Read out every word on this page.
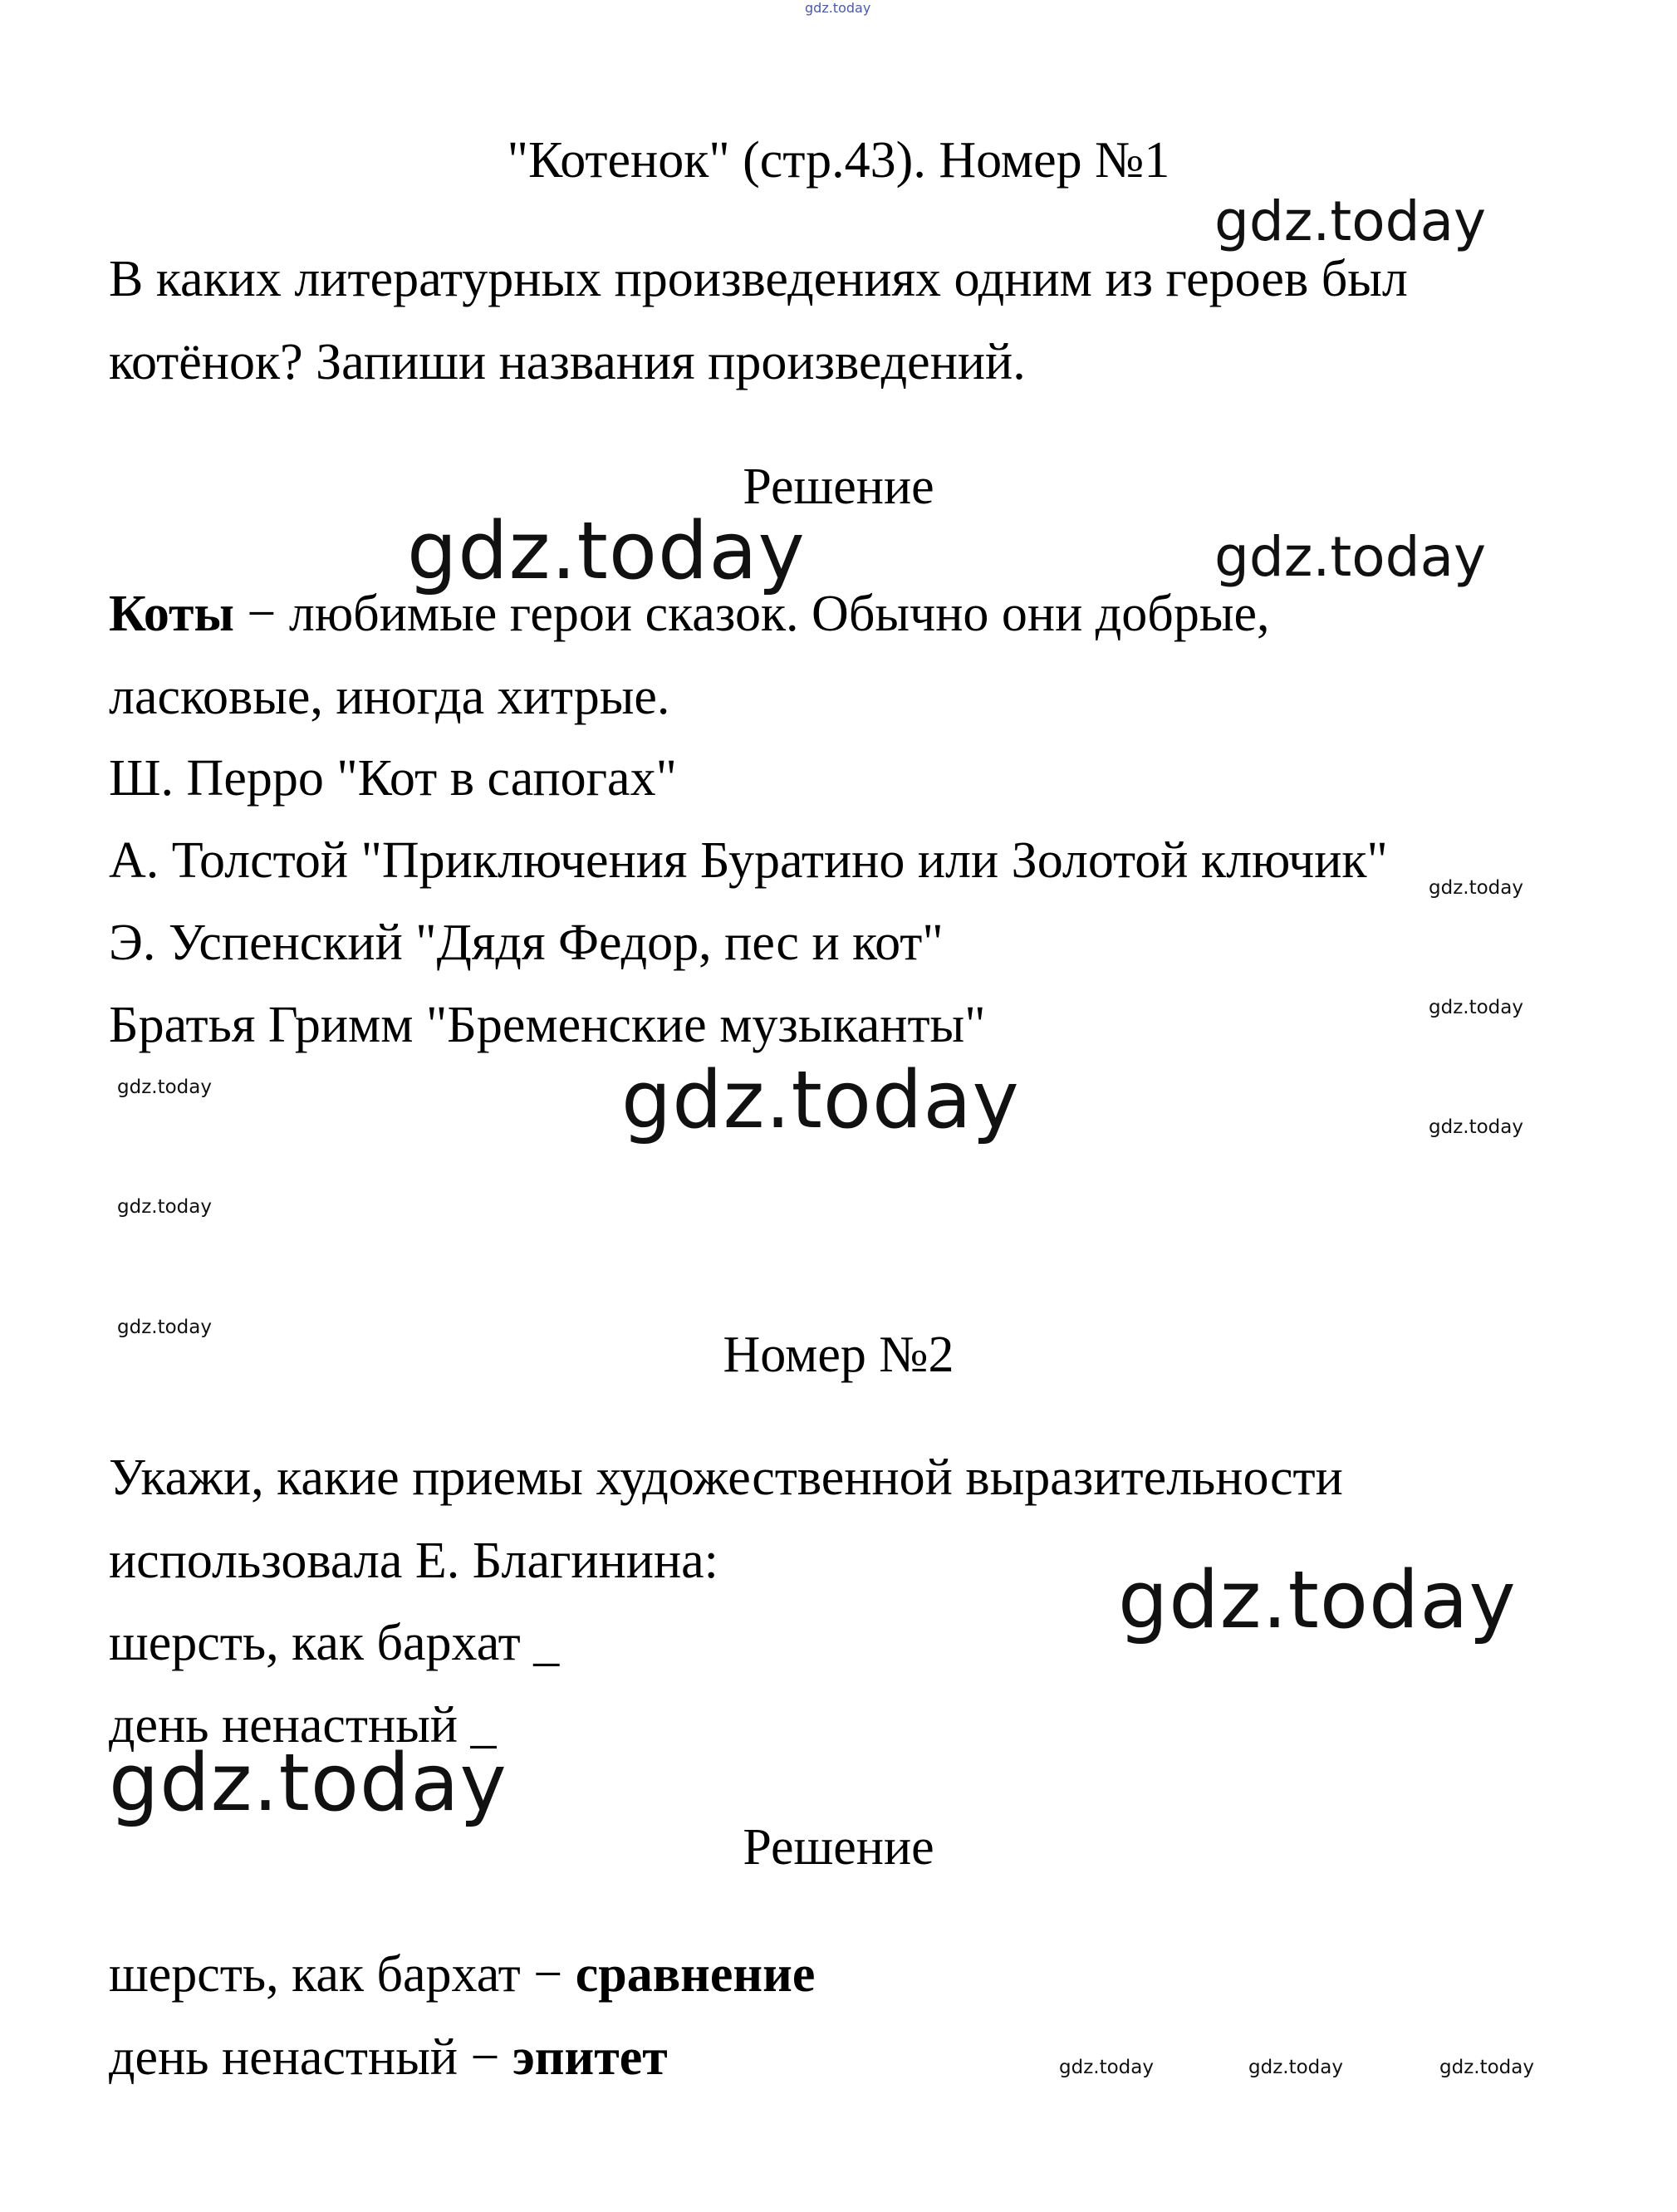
gdz.today
"Котенок" (стр.43). Номер №1
В каких литературных произведениях одним из героев был
котёнок? Запиши названия произведений.
Решение
Коты − любимые герои сказок. Обычно они добрые,
ласковые, иногда хитрые.
Ш. Перро "Кот в сапогах"
А. Толстой "Приключения Буратино или Золотой ключик"
Э. Успенский "Дядя Федор, пес и кот"
Братья Гримм "Бременские музыканты"
Номер №2
Укажи, какие приемы художественной выразительности
использовала Е. Благинина:
шерсть, как бархат _
день ненастный _
Решение
шерсть, как бархат − сравнение
день ненастный − эпитет
gdz.today
gdz.today	gdz.today
gdz.today
gdz.today
gdz.today	gdz.today	gdz.today
gdz.today
gdz.today
gdz.today
gdz.today
gdz.today	gdz.today	gdz.today
